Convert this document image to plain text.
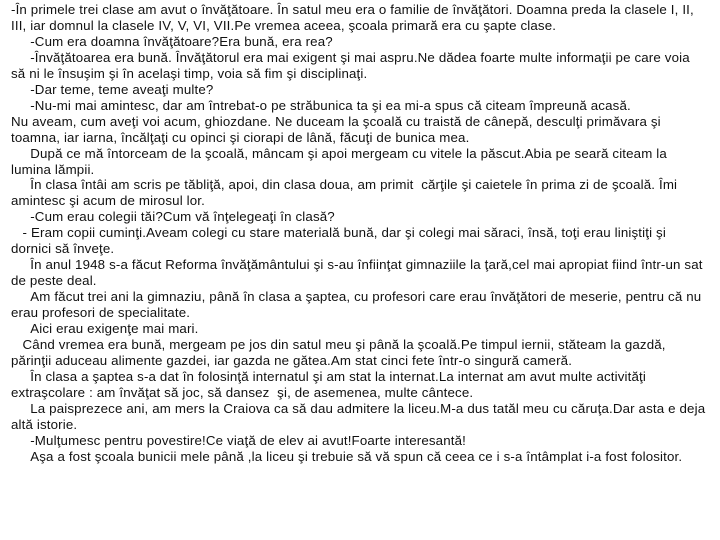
-În primele trei clase am avut o învăţătoare. În satul meu era o familie de învăţători. Doamna preda la clasele I, II, III, iar domnul la clasele IV, V, VI, VII.Pe vremea aceea, şcoala primară era cu şapte clase.

-Cum era doamna învăţătoare?Era bună, era rea?

-Învăţătoarea era bună. Învăţătorul era mai exigent şi mai aspru.Ne dădea foarte multe informaţii pe care voia să ni le însuşim şi în acelaşi timp, voia să fim şi disciplinaţi.

-Dar teme, teme aveaţi multe?

-Nu-mi mai amintesc, dar am întrebat-o pe străbunica ta şi ea mi-a spus că citeam împreună acasă.

Nu aveam, cum aveţi voi acum, ghiozdane. Ne duceam la şcoală cu traistă de cânepă, desculţi primăvara şi toamna, iar iarna, încălţaţi cu opinci şi ciorapi de lână, făcuţi de bunica mea.

După ce mă întorceam de la şcoală, mâncam şi apoi mergeam cu vitele la păscut.Abia pe seară citeam la lumina lămpii.

În clasa întâi am scris pe tăbliţă, apoi, din clasa doua, am primit  cărţile şi caietele în prima zi de şcoală. Îmi amintesc şi acum de mirosul lor.

-Cum erau colegii tăi?Cum vă înţelegeaţi în clasă?

- Eram copii cuminţi.Aveam colegi cu stare materială bună, dar şi colegi mai săraci, însă, toţi erau liniştiţi şi dornici să înveţe.

În anul 1948 s-a făcut Reforma învăţământului şi s-au înfiinţat gimnaziile la ţară,cel mai apropiat fiind într-un sat de peste deal.

Am făcut trei ani la gimnaziu, până în clasa a şaptea, cu profesori care erau învăţători de meserie, pentru că nu erau profesori de specialitate.

Aici erau exigenţe mai mari.

Când vremea era bună, mergeam pe jos din satul meu şi până la şcoală.Pe timpul iernii, stăteam la gazdă, părinţii aduceau alimente gazdei, iar gazda ne gătea.Am stat cinci fete într-o singură cameră.

În clasa a şaptea s-a dat în folosinţă internatul şi am stat la internat.La internat am avut multe activităţi extraşcolare : am învăţat să joc, să dansez  şi, de asemenea, multe cântece.

La paisprezece ani, am mers la Craiova ca să dau admitere la liceu.M-a dus tatăl meu cu căruţa.Dar asta e deja altă istorie.

-Mulţumesc pentru povestire!Ce viaţă de elev ai avut!Foarte interesantă!

Aşa a fost şcoala bunicii mele până ,la liceu şi trebuie să vă spun că ceea ce i s-a întâmplat i-a fost folositor.
